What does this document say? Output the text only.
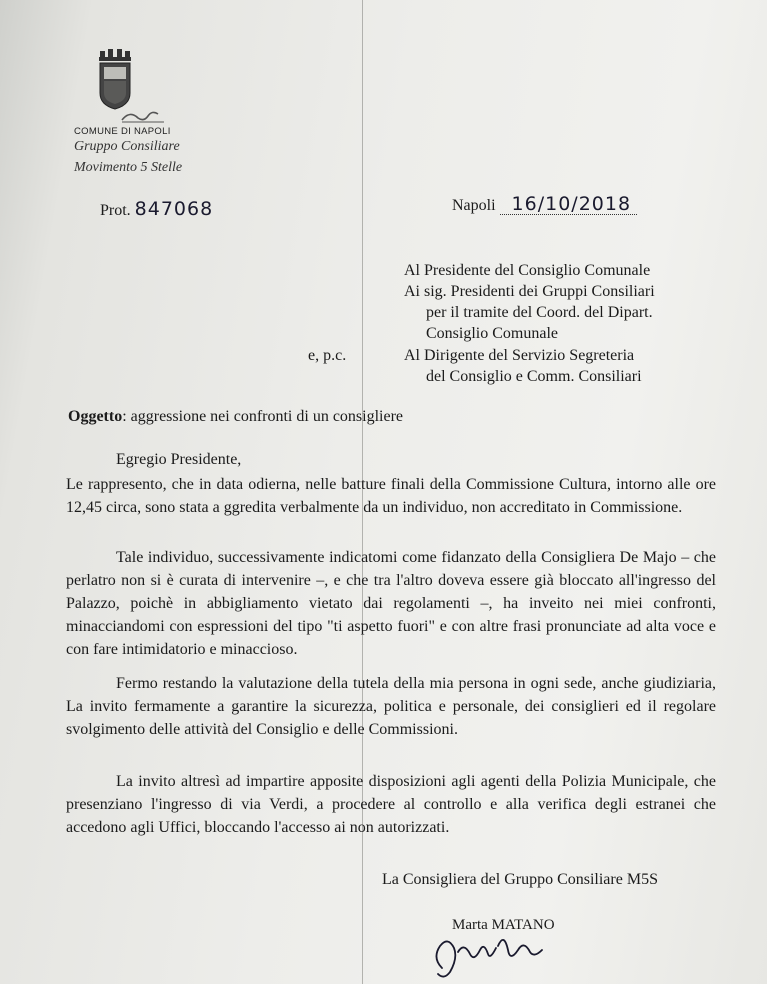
COMUNE DI NAPOLI
Gruppo Consiliare
Movimento 5 Stelle
Prot. 847068	Napoli 16/10/2018
Al Presidente del Consiglio Comunale
Ai sig. Presidenti dei Gruppi Consiliari
per il tramite del Coord. del Dipart.
Consiglio Comunale
e, p.c.	Al Dirigente del Servizio Segreteria
del Consiglio e Comm. Consiliari
Oggetto: aggressione nei confronti di un consigliere
Egregio Presidente,

Le rappresento, che in data odierna, nelle batture finali della Commissione Cultura, intorno alle ore 12,45 circa, sono stata a ggredita verbalmente da un individuo, non accreditato in Commissione.

Tale individuo, successivamente indicatomi come fidanzato della Consigliera De Majo – che perlatro non si è curata di intervenire –, e che tra l'altro doveva essere già bloccato all'ingresso del Palazzo, poichè in abbigliamento vietato dai regolamenti –, ha inveito nei miei confronti, minacciandomi con espressioni del tipo "ti aspetto fuori" e con altre frasi pronunciate ad alta voce e con fare intimidatorio e minaccioso.

Fermo restando la valutazione della tutela della mia persona in ogni sede, anche giudiziaria, La invito fermamente a garantire la sicurezza, politica e personale, dei consiglieri ed il regolare svolgimento delle attività del Consiglio e delle Commissioni.

La invito altresì ad impartire apposite disposizioni agli agenti della Polizia Municipale, che presenziano l'ingresso di via Verdi, a procedere al controllo e alla verifica degli estranei che accedono agli Uffici, bloccando l'accesso ai non autorizzati.

La Consigliera del Gruppo Consiliare M5S
Marta MATANO
